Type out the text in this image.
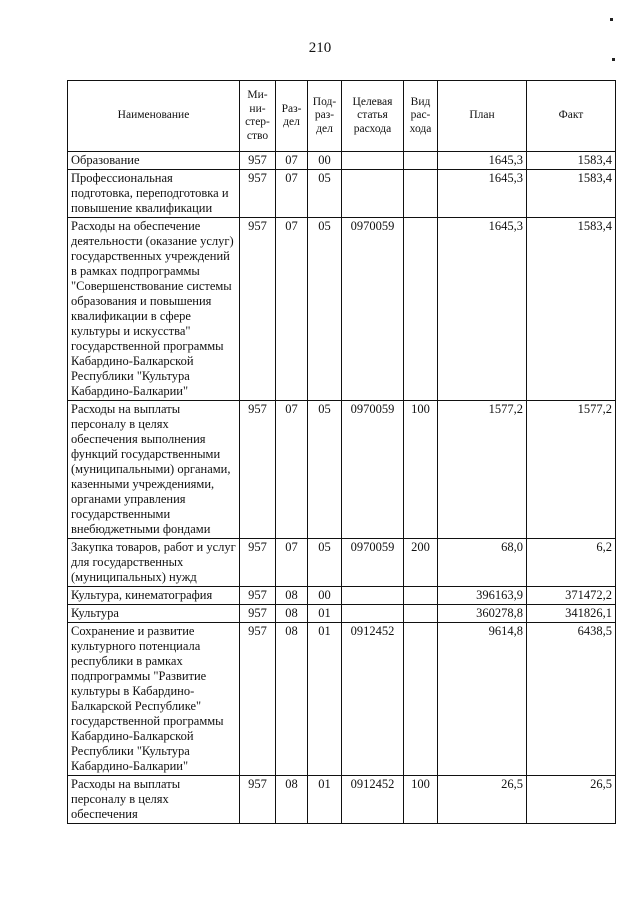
210
Наименование	Ми-ни-стер-ство	Раз-дел	Под-раз-дел	Целевая статья расхода	Вид рас-хода	План	Факт
Образование	957	07	00			1645,3	1583,4
Профессиональная подготовка, переподготовка и повышение квалификации	957	07	05			1645,3	1583,4
Расходы на обеспечение деятельности (оказание услуг) государственных учреждений в рамках подпрограммы "Совершенствование системы образования и повышения квалификации в сфере культуры и искусства" государственной программы Кабардино-Балкарской Республики "Культура Кабардино-Балкарии"	957	07	05	0970059		1645,3	1583,4
Расходы на выплаты персоналу в целях обеспечения выполнения функций государственными (муниципальными) органами, казенными учреждениями, органами управления государственными внебюджетными фондами	957	07	05	0970059	100	1577,2	1577,2
Закупка товаров, работ и услуг для государственных (муниципальных) нужд	957	07	05	0970059	200	68,0	6,2
Культура, кинематография	957	08	00			396163,9	371472,2
Культура	957	08	01			360278,8	341826,1
Сохранение и развитие культурного потенциала республики в рамках подпрограммы "Развитие культуры в Кабардино-Балкарской Республике" государственной программы Кабардино-Балкарской Республики "Культура Кабардино-Балкарии"	957	08	01	0912452		9614,8	6438,5
Расходы на выплаты персоналу в целях обеспечения	957	08	01	0912452	100	26,5	26,5
